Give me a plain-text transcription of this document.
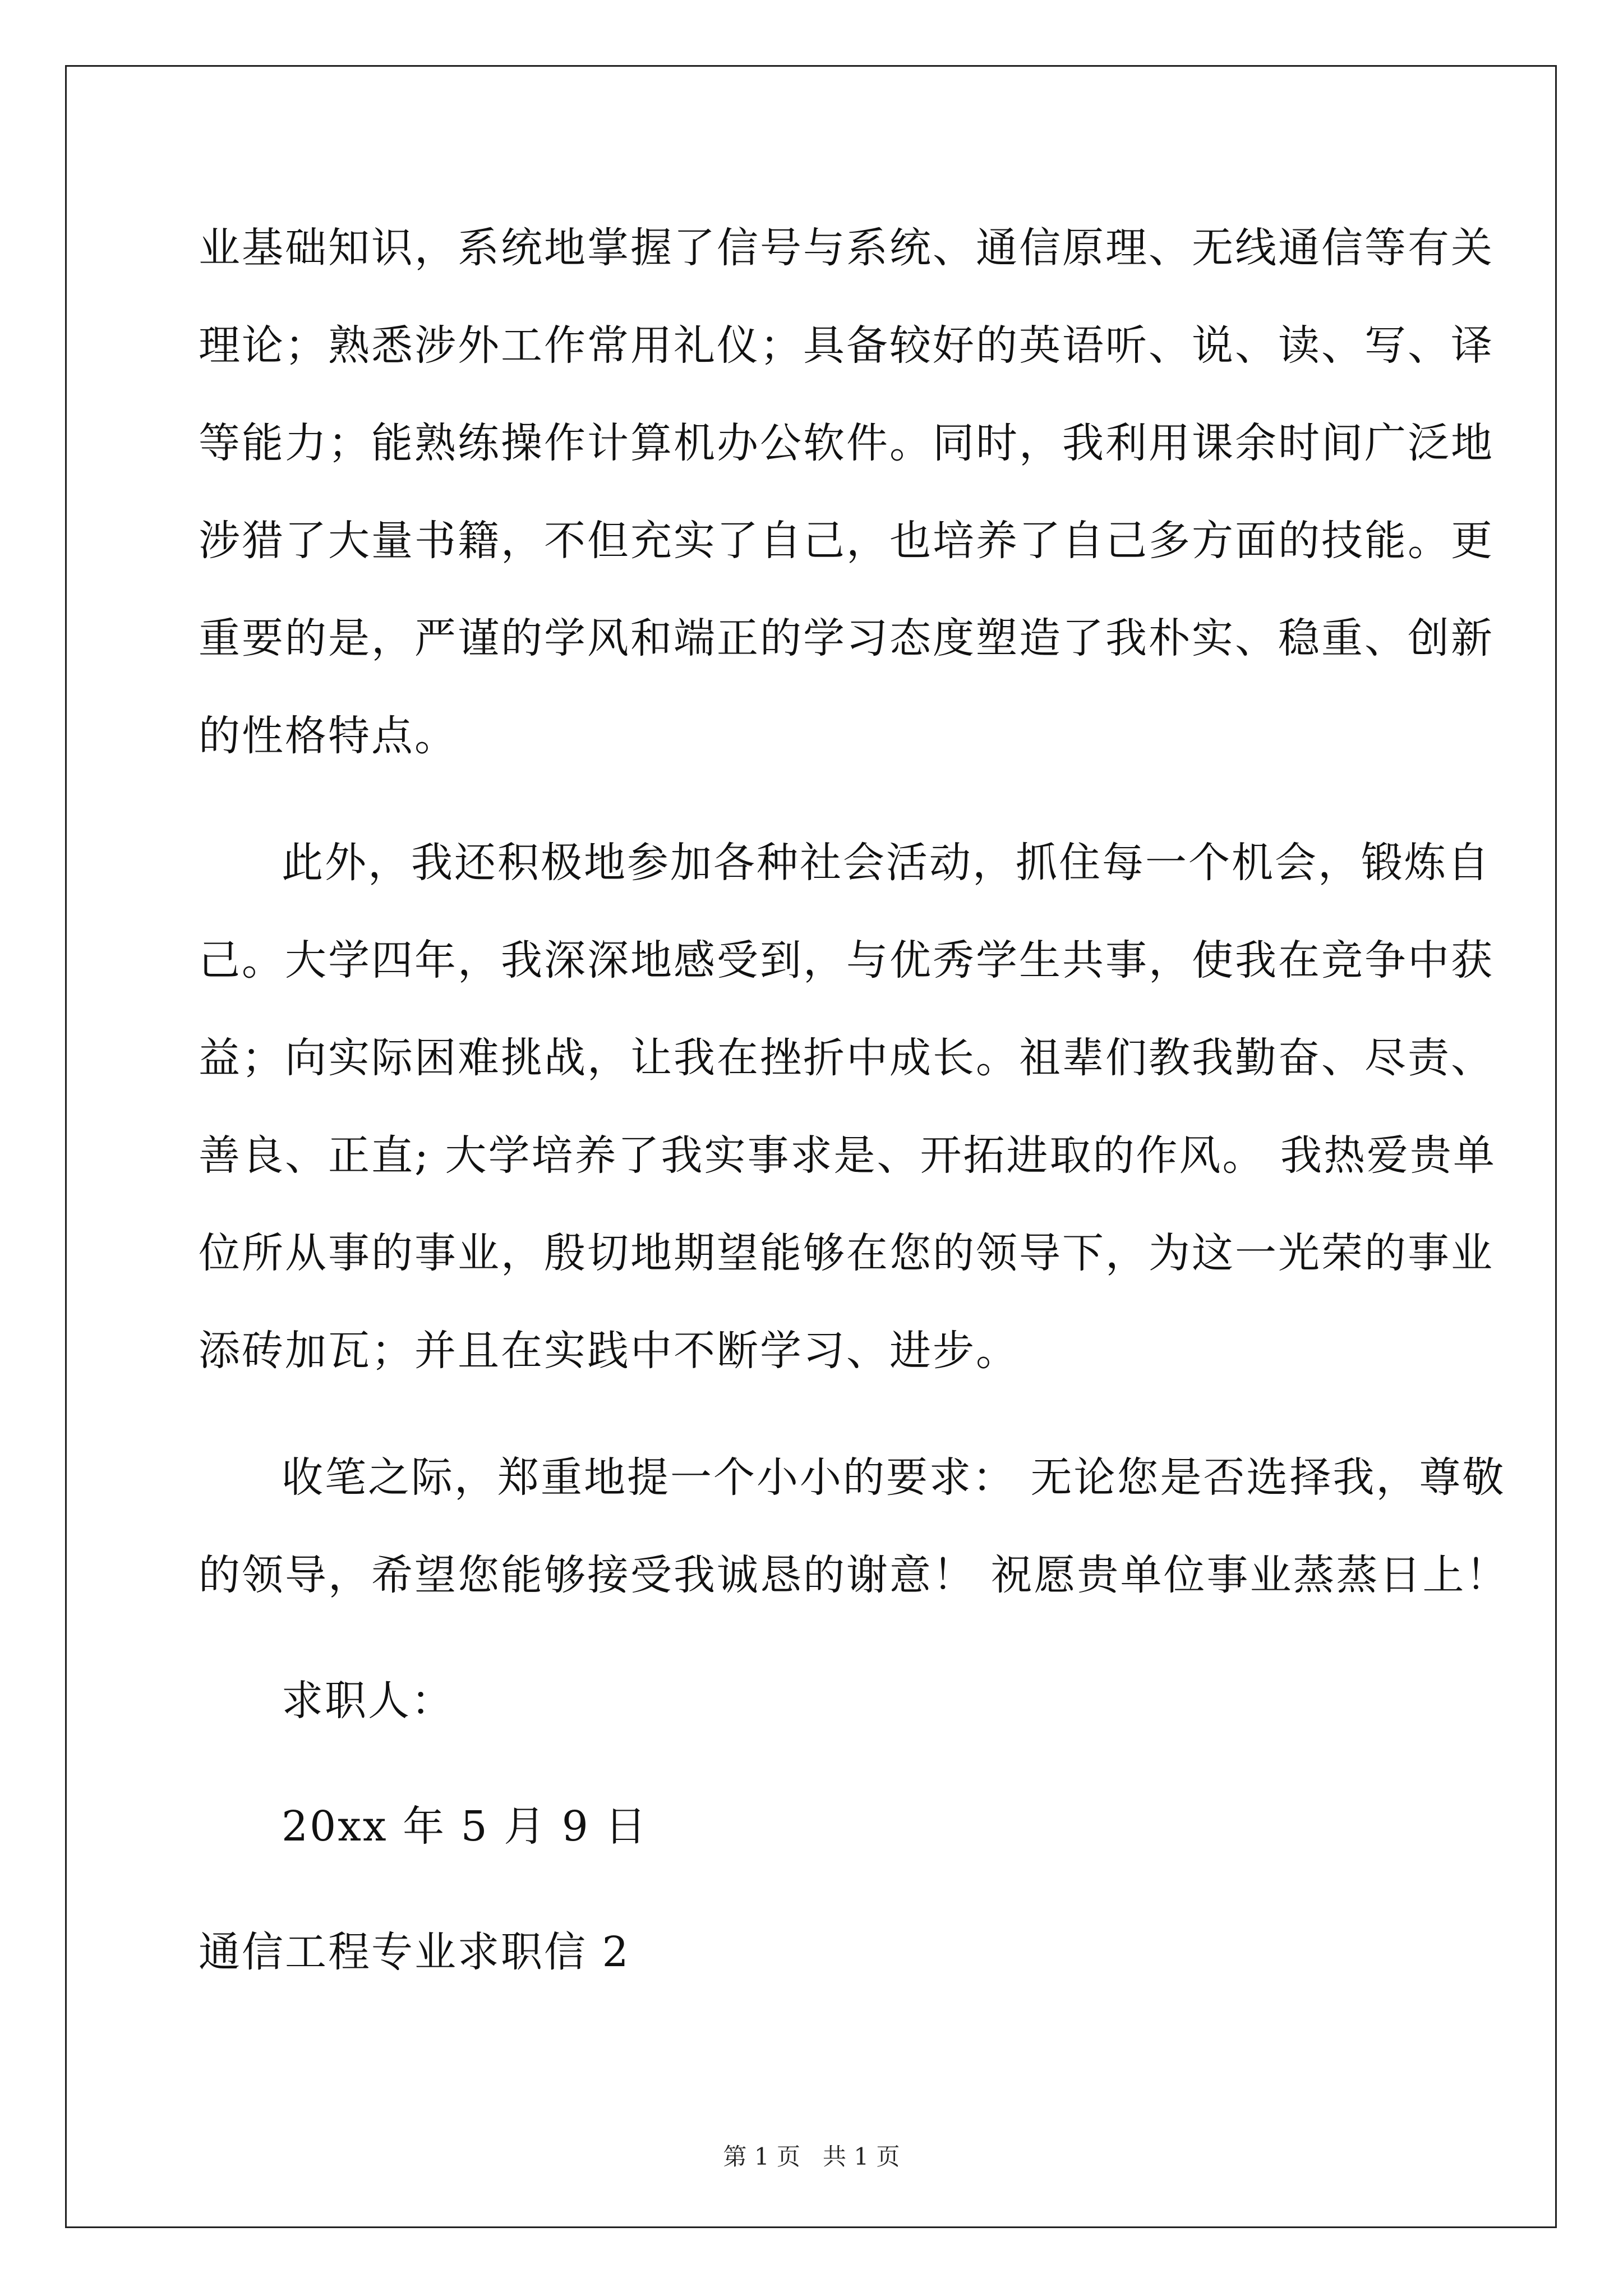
业基础知识，系统地掌握了信号与系统、通信原理、无线通信等有关
理论；熟悉涉外工作常用礼仪；具备较好的英语听、说、读、写、译
等能力；能熟练操作计算机办公软件。同时，我利用课余时间广泛地
涉猎了大量书籍，不但充实了自己，也培养了自己多方面的技能。更
重要的是，严谨的学风和端正的学习态度塑造了我朴实、稳重、创新
的性格特点。
此外，我还积极地参加各种社会活动，抓住每一个机会，锻炼自
己。大学四年，我深深地感受到，与优秀学生共事，使我在竞争中获
益；向实际困难挑战，让我在挫折中成长。祖辈们教我勤奋、尽责、
善良、正直; 大学培养了我实事求是、开拓进取的作风。 我热爱贵单
位所从事的事业，殷切地期望能够在您的领导下，为这一光荣的事业
添砖加瓦；并且在实践中不断学习、进步。
收笔之际，郑重地提一个小小的要求： 无论您是否选择我，尊敬
的领导，希望您能够接受我诚恳的谢意！ 祝愿贵单位事业蒸蒸日上！
求职人：
20xx 年 5 月 9 日
通信工程专业求职信 2
第 1 页   共 1 页
